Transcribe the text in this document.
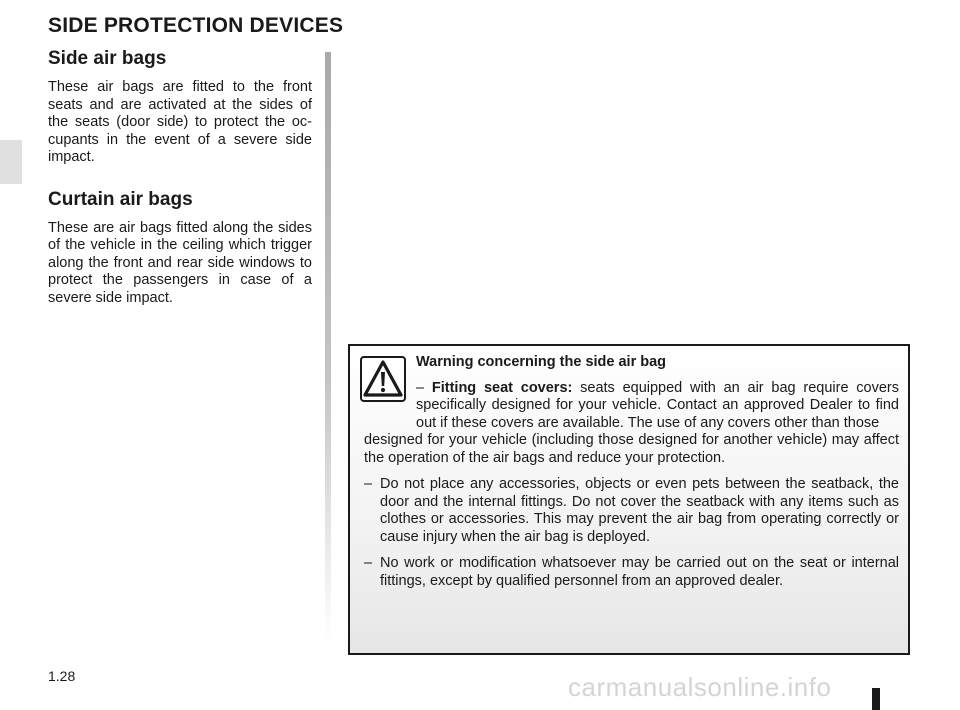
SIDE PROTECTION DEVICES
Side air bags

These air bags are fitted to the front seats and are activated at the sides of the seats (door side) to protect the oc-cupants in the event of a severe side impact.

Curtain air bags

These are air bags fitted along the sides of the vehicle in the ceiling which trigger along the front and rear side windows to protect the passengers in case of a severe side impact.

Warning concerning the side air bag

– Fitting seat covers: seats equipped with an air bag require covers specifically designed for your vehicle. Contact an approved Dealer to find out if these covers are available. The use of any covers other than those
designed for your vehicle (including those designed for another vehicle) may affect the operation of the air bags and reduce your protection.

– Do not place any accessories, objects or even pets between the seatback, the door and the internal fittings. Do not cover the seatback with any items such as clothes or accessories. This may prevent the air bag from operating correctly or cause injury when the air bag is deployed.

– No work or modification whatsoever may be carried out on the seat or internal fittings, except by qualified personnel from an approved dealer.

1.28	carmanualsonline.info
